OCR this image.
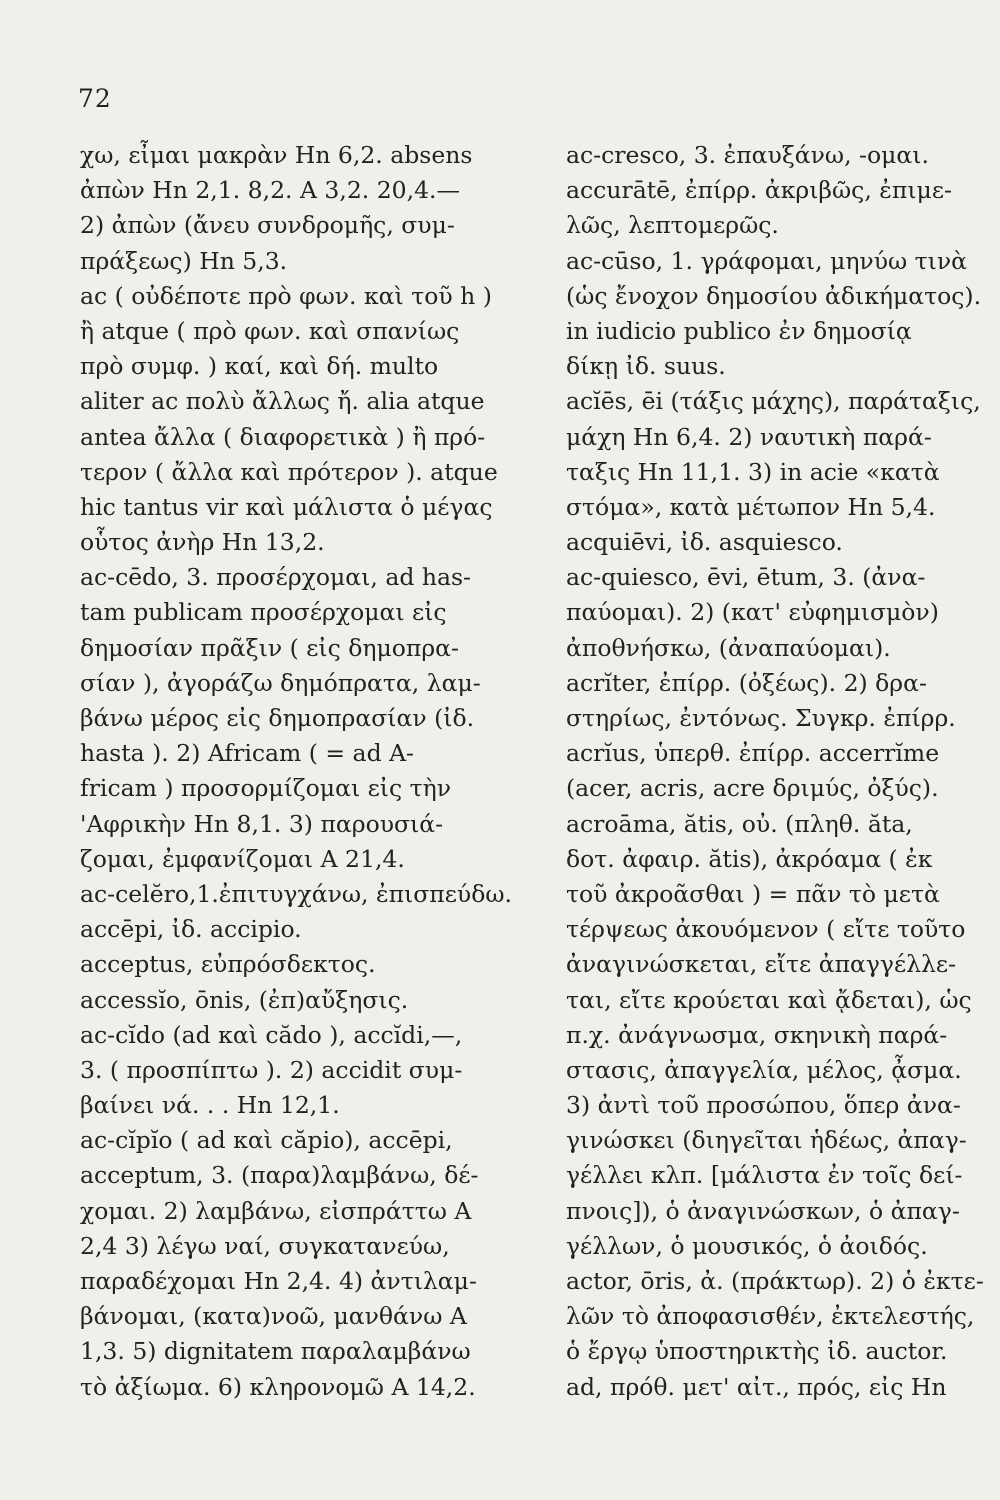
72
χω, εἶμαι μακρὰν Hn 6,2. absens
ἀπὼν Hn 2,1. 8,2. A 3,2. 20,4.—
2) ἀπὼν (ἄνευ συνδρομῆς, συμ-
πράξεως) Hn 5,3.
ac ( οὐδέποτε πρὸ φων. καὶ τοῦ h )
ἢ atque ( πρὸ φων. καὶ σπανίως
πρὸ συμφ. ) καί, καὶ δή. multo
aliter ac πολὺ ἄλλως ἤ. alia atque
antea ἄλλα ( διαφορετικὰ ) ἢ πρό-
τερον ( ἄλλα καὶ πρότερον ). atque
hic tantus vir καὶ μάλιστα ὁ μέγας
οὗτος ἀνὴρ Hn 13,2.
ac-cēdo, 3. προσέρχομαι, ad has-
tam publicam προσέρχομαι εἰς
δημοσίαν πρᾶξιν ( εἰς δημοπρα-
σίαν ), ἀγοράζω δημόπρατα, λαμ-
βάνω μέρος εἰς δημοπρασίαν (ἰδ.
hasta ). 2) Africam ( = ad A-
fricam ) προσορμίζομαι εἰς τὴν
'Αφρικὴν Hn 8,1. 3) παρουσιά-
ζομαι, ἐμφανίζομαι A 21,4.
ac-celĕro,1.ἐπιτυγχάνω, ἐπισπεύδω.
accēpi, ἰδ. accipio.
acceptus, εὐπρόσδεκτος.
accessĭo, ōnis, (ἐπ)αὔξησις.
ac-cĭdo (ad καὶ cădo ), accĭdi,—,
3. ( προσπίπτω ). 2) accidit συμ-
βαίνει νά. . . Hn 12,1.
ac-cĭpĭo ( ad καὶ căpio), accēpi,
acceptum, 3. (παρα)λαμβάνω, δέ-
χομαι. 2) λαμβάνω, εἰσπράττω A
2,4 3) λέγω ναί, συγκατανεύω,
παραδέχομαι Hn 2,4. 4) ἀντιλαμ-
βάνομαι, (κατα)νοῶ, μανθάνω A
1,3. 5) dignitatem παραλαμβάνω
τὸ ἀξίωμα. 6) κληρονομῶ A 14,2.
ac-cresco, 3. ἐπαυξάνω, -ομαι.
accurātē, ἐπίρρ. ἀκριβῶς, ἐπιμε-
λῶς, λεπτομερῶς.
ac-cūso, 1. γράφομαι, μηνύω τινὰ
(ὡς ἔνοχον δημοσίου ἀδικήματος).
in iudicio publico ἐν δημοσίᾳ
δίκῃ ἰδ. suus.
acĭēs, ēi (τάξις μάχης), παράταξις,
μάχη Hn 6,4. 2) ναυτικὴ παρά-
ταξις Hn 11,1. 3) in acie «κατὰ
στόμα», κατὰ μέτωπον Hn 5,4.
acquiēvi, ἰδ. asquiesco.
ac-quiesco, ēvi, ētum, 3. (ἀνα-
παύομαι). 2) (κατ' εὐφημισμὸν)
ἀποθνήσκω, (ἀναπαύομαι).
acrĭter, ἐπίρρ. (ὀξέως). 2) δρα-
στηρίως, ἐντόνως. Συγκρ. ἐπίρρ.
acrĭus, ὑπερθ. ἐπίρρ. accerrĭme
(acer, acris, acre δριμύς, ὀξύς).
acroāma, ătis, οὐ. (πληθ. ăta,
δοτ. ἀφαιρ. ătis), ἀκρόαμα ( ἐκ
τοῦ ἀκροᾶσθαι ) = πᾶν τὸ μετὰ
τέρψεως ἀκουόμενον ( εἴτε τοῦτο
ἀναγινώσκεται, εἴτε ἀπαγγέλλε-
ται, εἴτε κρούεται καὶ ᾄδεται), ὡς
π.χ. ἀνάγνωσμα, σκηνικὴ παρά-
στασις, ἀπαγγελία, μέλος, ᾆσμα.
3) ἀντὶ τοῦ προσώπου, ὅπερ ἀνα-
γινώσκει (διηγεῖται ἡδέως, ἀπαγ-
γέλλει κλπ. [μάλιστα ἐν τοῖς δεί-
πνοις]), ὁ ἀναγινώσκων, ὁ ἀπαγ-
γέλλων, ὁ μουσικός, ὁ ἀοιδός.
actor, ōris, ἀ. (πράκτωρ). 2) ὁ ἐκτε-
λῶν τὸ ἀποφασισθέν, ἐκτελεστής,
ὁ ἔργῳ ὑποστηρικτὴς ἰδ. auctor.
ad, πρόθ. μετ' αἰτ., πρός, εἰς Hn
